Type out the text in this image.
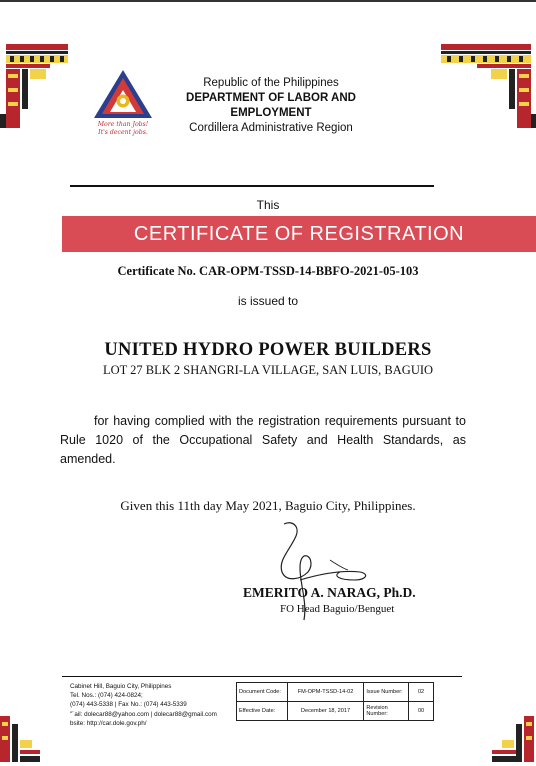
More than Jobs!
It's decent jobs.
Republic of the Philippines
DEPARTMENT OF LABOR AND EMPLOYMENT
Cordillera Administrative Region
This
CERTIFICATE OF REGISTRATION
Certificate No. CAR-OPM-TSSD-14-BBFO-2021-05-103
is issued to
UNITED HYDRO POWER BUILDERS
LOT 27 BLK 2 SHANGRI-LA VILLAGE, SAN LUIS, BAGUIO
for having complied with the registration requirements pursuant to Rule 1020 of the Occupational Safety and Health Standards, as amended.
Given this 11th day May 2021, Baguio City, Philippines.
EMERITO A. NARAG, Ph.D.
FO Head Baguio/Benguet
Cabinet Hill, Baguio City, Philippines
Tel. Nos.: (074) 424-0824;
(074) 443-5338 | Fax No.: (074) 443-5339
"¨ail: dolecar88@yahoo.com | dolecar88@gmail.com
bsite: http://car.dole.gov.ph/
Document Code:	FM-OPM-TSSD-14-02	Issue Number:	02
Effective Date:	December 18, 2017	Revision Number:	00
